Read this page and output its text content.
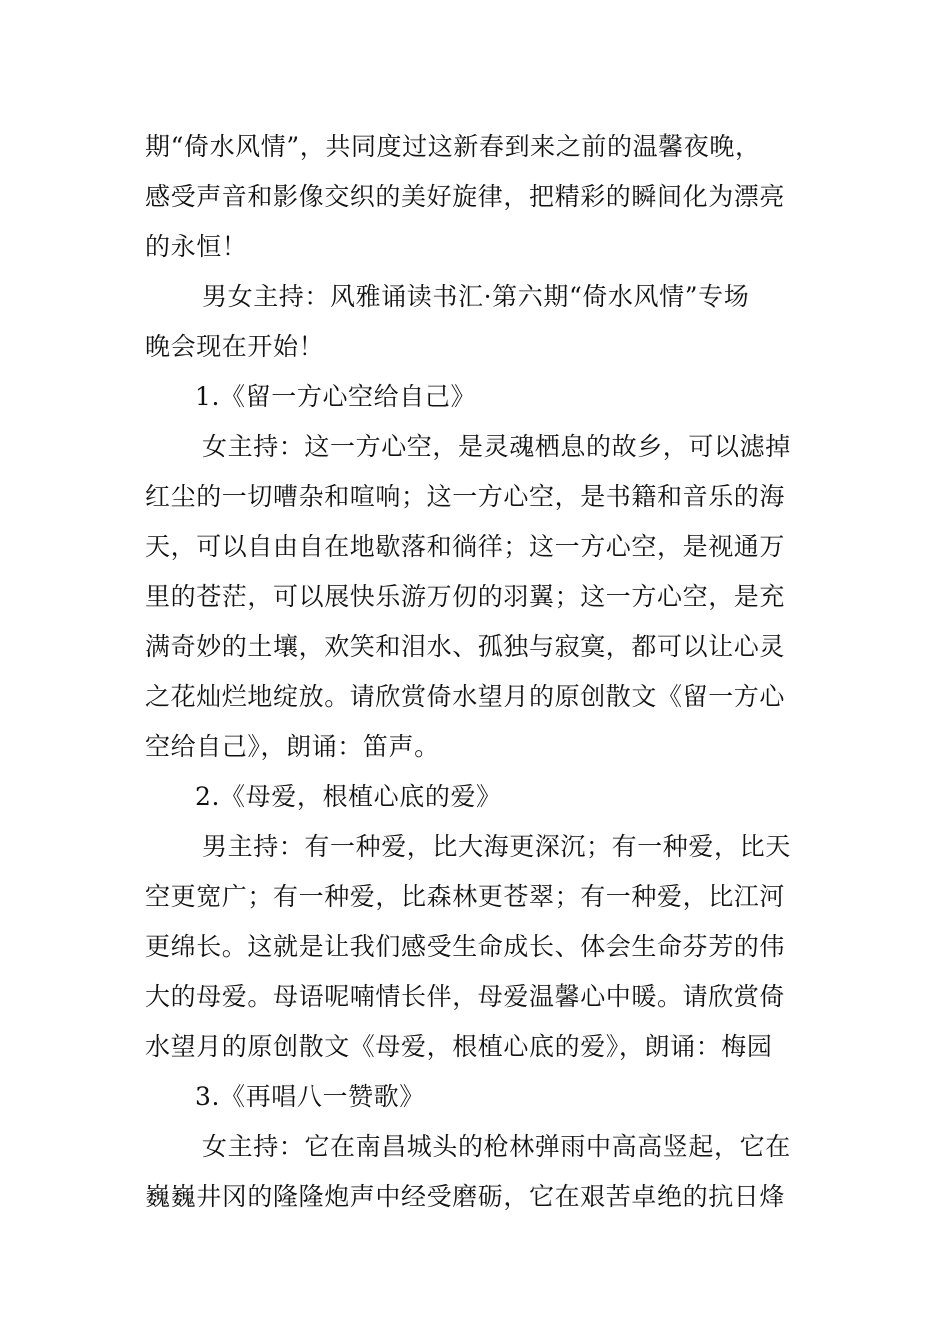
期“倚水风情”，共同度过这新春到来之前的温馨夜晚，
感受声音和影像交织的美好旋律，把精彩的瞬间化为漂亮
的永恒！
男女主持：风雅诵读书汇·第六期“倚水风情”专场
晚会现在开始！
1.《留一方心空给自己》
女主持：这一方心空，是灵魂栖息的故乡，可以滤掉
红尘的一切嘈杂和喧响；这一方心空，是书籍和音乐的海
天，可以自由自在地歇落和徜徉；这一方心空，是视通万
里的苍茫，可以展快乐游万仞的羽翼；这一方心空，是充
满奇妙的土壤，欢笑和泪水、孤独与寂寞，都可以让心灵
之花灿烂地绽放。请欣赏倚水望月的原创散文《留一方心
空给自己》，朗诵：笛声。
2.《母爱，根植心底的爱》
男主持：有一种爱，比大海更深沉；有一种爱，比天
空更宽广；有一种爱，比森林更苍翠；有一种爱，比江河
更绵长。这就是让我们感受生命成长、体会生命芬芳的伟
大的母爱。母语呢喃情长伴，母爱温馨心中暖。请欣赏倚
水望月的原创散文《母爱，根植心底的爱》，朗诵：梅园
3.《再唱八一赞歌》
女主持：它在南昌城头的枪林弹雨中高高竖起，它在
巍巍井冈的隆隆炮声中经受磨砺，它在艰苦卓绝的抗日烽
